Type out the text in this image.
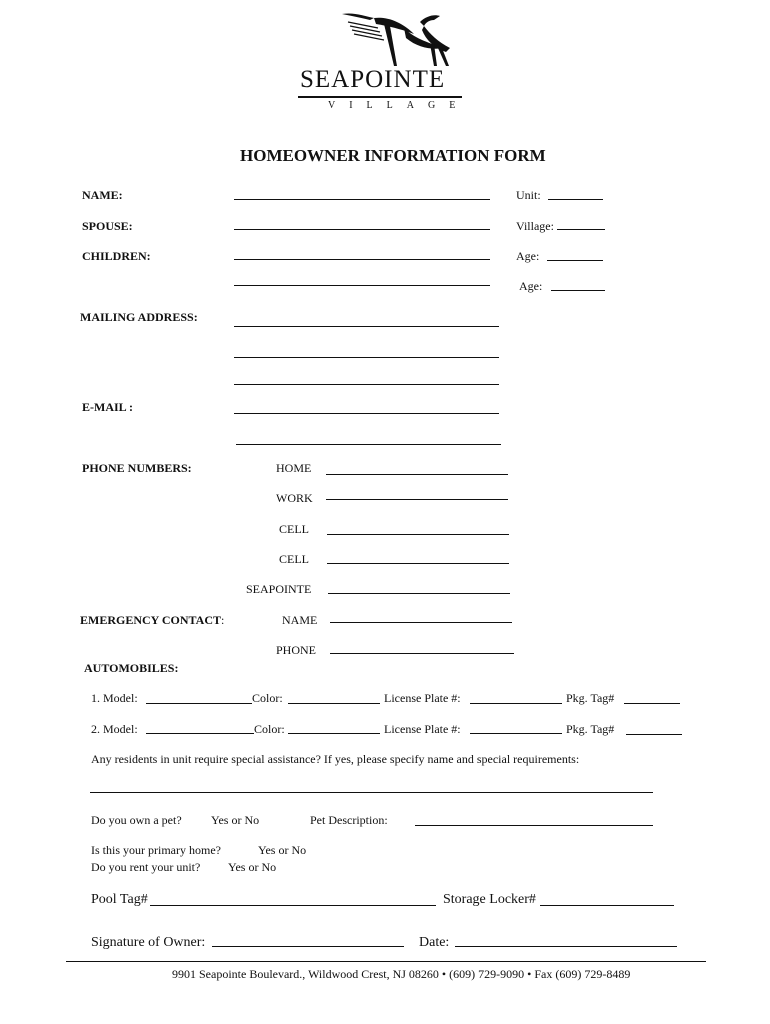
SEAPOINTE
VILLAGE
HOMEOWNER INFORMATION FORM
NAME:	Unit:
SPOUSE:	Village:
CHILDREN:	Age:
Age:
MAILING ADDRESS:
E-MAIL :
PHONE NUMBERS:	HOME
WORK
CELL
CELL
SEAPOINTE
EMERGENCY CONTACT:	NAME
PHONE
AUTOMOBILES:
1. Model:	Color:	License Plate #:	Pkg. Tag#
2. Model:	Color:	License Plate #:	Pkg. Tag#
Any residents in unit require special assistance? If yes, please specify name and special requirements:
Do you own a pet? Yes or No	Pet Description:
Is this your primary home?	Yes or No
Do you rent your unit? Yes or No
Pool Tag#	Storage Locker#
Signature of Owner:	Date:
9901 Seapointe Boulevard., Wildwood Crest, NJ 08260 • (609) 729-9090 • Fax (609) 729-8489
